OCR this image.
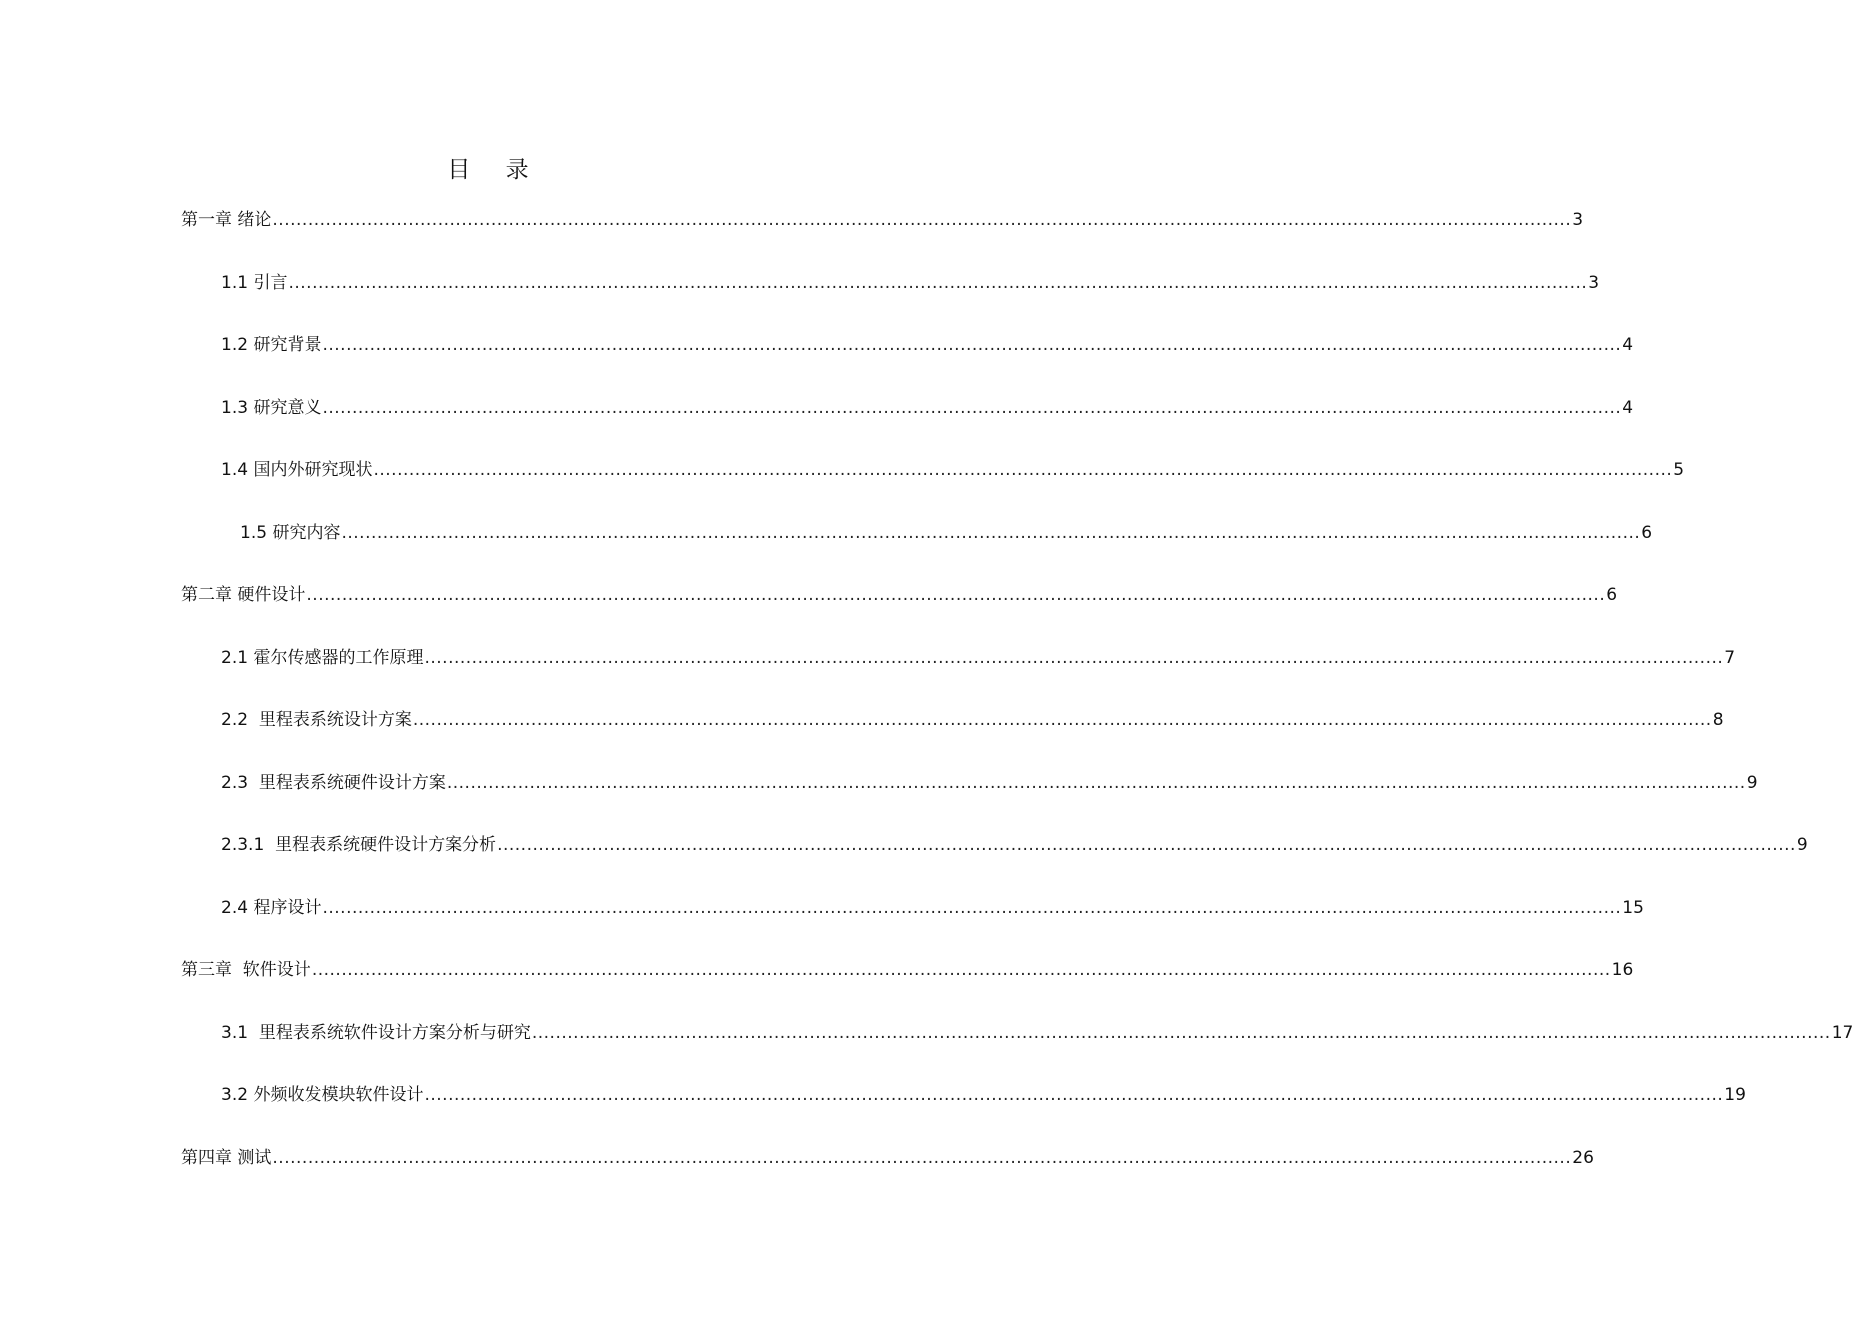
目 录
第一章 绪论 ............................................................................................................................................................................................................................ 3
1.1 引言 ............................................................................................................................................................................................................................ 3
1.2 研究背景 ............................................................................................................................................................................................................................ 4
1.3 研究意义 ............................................................................................................................................................................................................................ 4
1.4 国内外研究现状 ............................................................................................................................................................................................................................ 5
1.5 研究内容 ............................................................................................................................................................................................................................ 6
第二章 硬件设计 ............................................................................................................................................................................................................................ 6
2.1 霍尔传感器的工作原理 ............................................................................................................................................................................................................................ 7
2.2  里程表系统设计方案 ............................................................................................................................................................................................................................ 8
2.3  里程表系统硬件设计方案 ............................................................................................................................................................................................................................ 9
2.3.1  里程表系统硬件设计方案分析 ............................................................................................................................................................................................................................ 9
2.4 程序设计 ............................................................................................................................................................................................................................ 15
第三章  软件设计 ............................................................................................................................................................................................................................ 16
3.1  里程表系统软件设计方案分析与研究 ............................................................................................................................................................................................................................ 17
3.2 外频收发模块软件设计 ............................................................................................................................................................................................................................ 19
第四章 测试 ............................................................................................................................................................................................................................ 26
